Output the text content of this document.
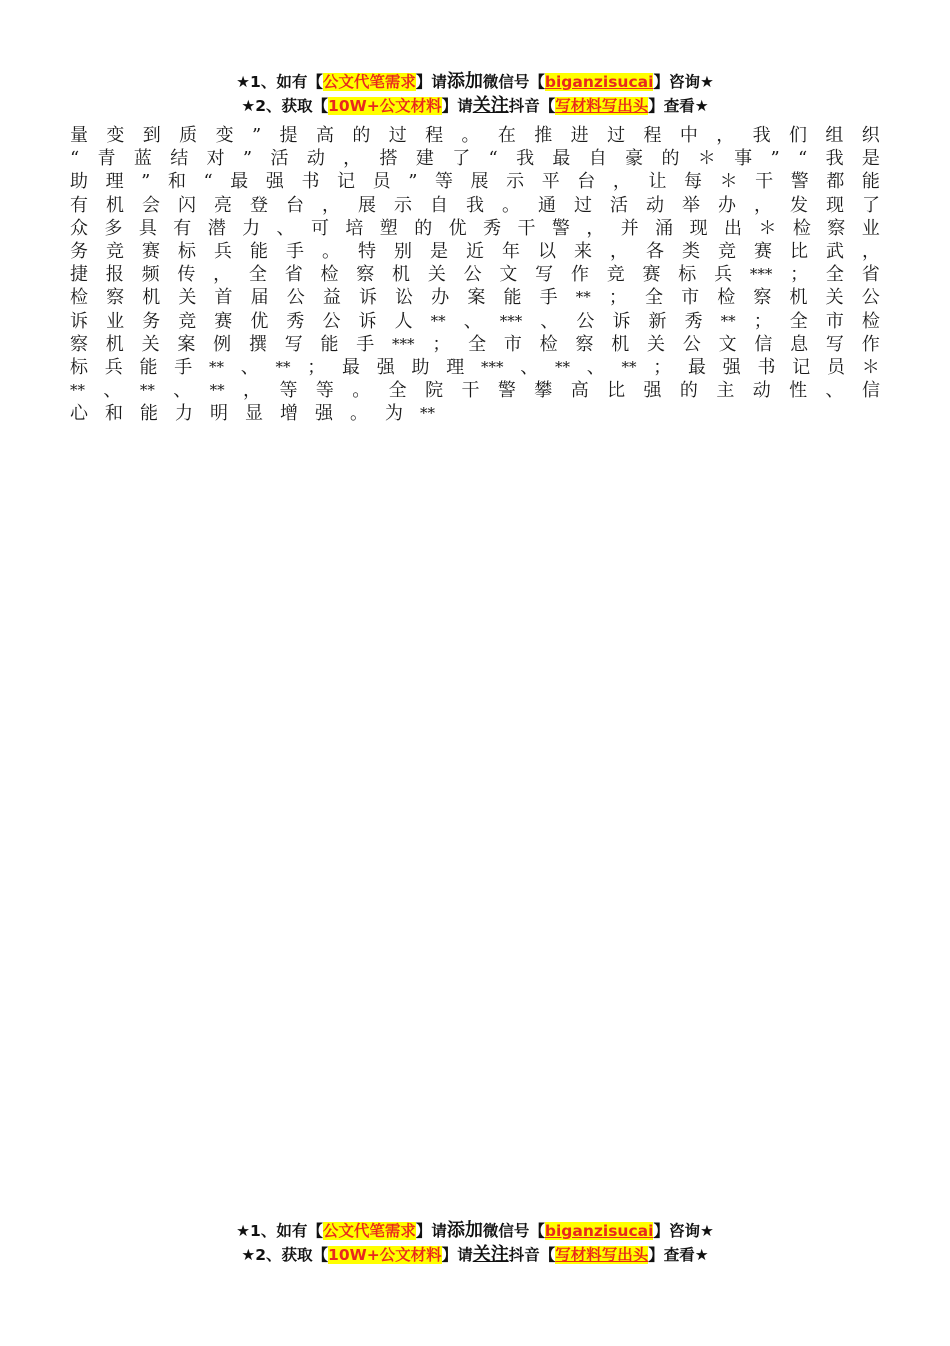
★1、如有【公文代笔需求】请添加微信号【biganzisucai】咨询★
★2、获取【10W+公文材料】请关注抖音【写材料写出头】查看★
量 变 到 质 变 ” 提 高 的 过 程 。 在 推 进 过 程 中 ， 我 们 组 织
“ 青 蓝 结 对 ” 活 动 ， 搭 建 了 “ 我 最 自 豪 的 ＊ 事 ” “ 我 是
助 理 ” 和 “ 最 强 书 记 员 ” 等 展 示 平 台 ， 让 每 ＊ 干 警 都 能
有 机 会 闪 亮 登 台 ， 展 示 自 我 。 通 过 活 动 举 办 ， 发 现 了
众 多 具 有 潜 力 、 可 培 塑 的 优 秀 干 警 ， 并 涌 现 出 ＊ 检 察 业
务 竞 赛 标 兵 能 手 。 特 别 是 近 年 以 来 ， 各 类 竞 赛 比 武 ，
捷 报 频 传 ， 全 省 检 察 机 关 公 文 写 作 竞 赛 标 兵 *** ； 全 省
检 察 机 关 首 届 公 益 诉 讼 办 案 能 手 ** ； 全 市 检 察 机 关 公
诉 业 务 竞 赛 优 秀 公 诉 人 ** 、 *** 、 公 诉 新 秀 ** ； 全 市 检
察 机 关 案 例 撰 写 能 手 *** ； 全 市 检 察 机 关 公 文 信 息 写 作
标 兵 能 手 ** 、 ** ； 最 强 助 理 *** 、 ** 、 ** ； 最 强 书 记 员 ＊
** 、 ** 、 ** ， 等 等 。 全 院 干 警 攀 高 比 强 的 主 动 性 、 信
心 和 能 力 明 显 增 强 。 为 **
★1、如有【公文代笔需求】请添加微信号【biganzisucai】咨询★
★2、获取【10W+公文材料】请关注抖音【写材料写出头】查看★
